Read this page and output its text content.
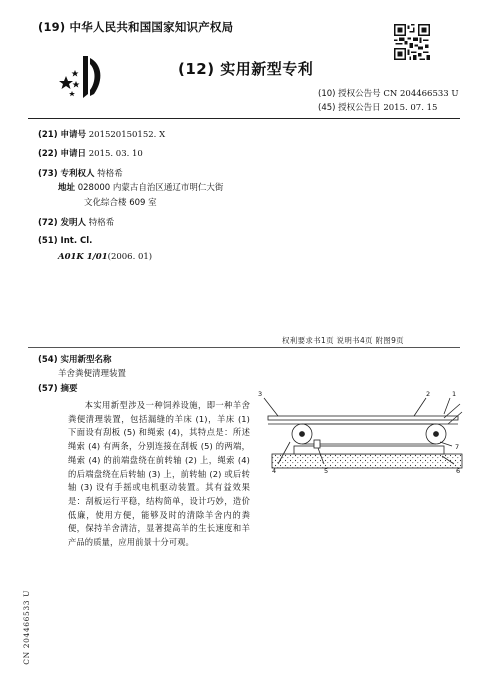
(19) 中华人民共和国国家知识产权局
(12) 实用新型专利
(10) 授权公告号 CN 204466533 U
(45) 授权公告日 2015. 07. 15
(21) 申请号 201520150152. X
(22) 申请日 2015. 03. 10
(73) 专利权人 特格希
地址 028000 内蒙古自治区通辽市明仁大街
文化综合楼 609 室
(72) 发明人 特格希
(51) Int. Cl.
A01K 1/01(2006. 01)
权利要求书1页 说明书4页 附图9页
(54) 实用新型名称
羊舍粪便清理装置
(57) 摘要
本实用新型涉及一种饲养设施，即一种羊舍粪便清理装置，包括漏缝的羊床 (1)，羊床 (1) 下面设有刮板 (5) 和绳索 (4)，其特点是：所述绳索 (4) 有两条，分别连接在刮板 (5) 的两端，绳索 (4) 的前端盘绕在前转轴 (2) 上，绳索 (4) 的后端盘绕在后转轴 (3) 上，前转轴 (2) 或后转轴 (3) 设有手摇或电机驱动装置。其有益效果是：刮板运行平稳，结构简单，设计巧妙，造价低廉，使用方便，能够及时的清除羊舍内的粪便，保持羊舍清洁，显著提高羊的生长速度和羊产品的质量，应用前景十分可观。
3	2	1
4	5
7
6
CN 204466533 U
